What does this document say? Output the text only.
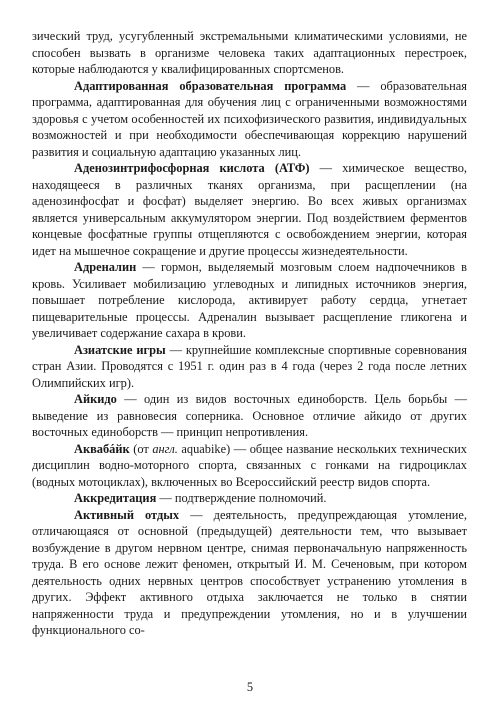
зический труд, усугубленный экстремальными климатическими условиями, не способен вызвать в организме человека таких адаптационных перестроек, которые наблюдаются у квалифицированных спортсменов.

Адаптированная образовательная программа — образовательная программа, адаптированная для обучения лиц с ограниченными возможностями здоровья с учетом особенностей их психофизического развития, индивидуальных возможностей и при необходимости обеспечивающая коррекцию нарушений развития и социальную адаптацию указанных лиц.

Аденозинтрифосфорная кислота (АТФ) — химическое вещество, находящееся в различных тканях организма, при расщеплении (на аденозинфосфат и фосфат) выделяет энергию. Во всех живых организмах является универсальным аккумулятором энергии. Под воздействием ферментов концевые фосфатные группы отщепляются с освобождением энергии, которая идет на мышечное сокращение и другие процессы жизнедеятельности.

Адреналин — гормон, выделяемый мозговым слоем надпочечников в кровь. Усиливает мобилизацию углеводных и липидных источников энергия, повышает потребление кислорода, активирует работу сердца, угнетает пищеварительные процессы. Адреналин вызывает расщепление гликогена и увеличивает содержание сахара в крови.

Азиатские игры — крупнейшие комплексные спортивные соревнования стран Азии. Проводятся с 1951 г. один раз в 4 года (через 2 года после летних Олимпийских игр).

Айкидо — один из видов восточных единоборств. Цель борьбы — выведение из равновесия соперника. Основное отличие айкидо от других восточных единоборств — принцип непротивления.

Аквабáйк (от англ. aquabike) — общее название нескольких технических дисциплин водно-моторного спорта, связанных с гонками на гидроциклах (водных мотоциклах), включенных во Всероссийский реестр видов спорта.

Аккредитация — подтверждение полномочий.

Активный отдых — деятельность, предупреждающая утомление, отличающаяся от основной (предыдущей) деятельности тем, что вызывает возбуждение в другом нервном центре, снимая первоначальную напряженность труда. В его основе лежит феномен, открытый И. М. Сеченовым, при котором деятельность одних нервных центров способствует устранению утомления в других. Эффект активного отдыха заключается не только в снятии напряженности труда и предупреждении утомления, но и в улучшении функционального со-

5
